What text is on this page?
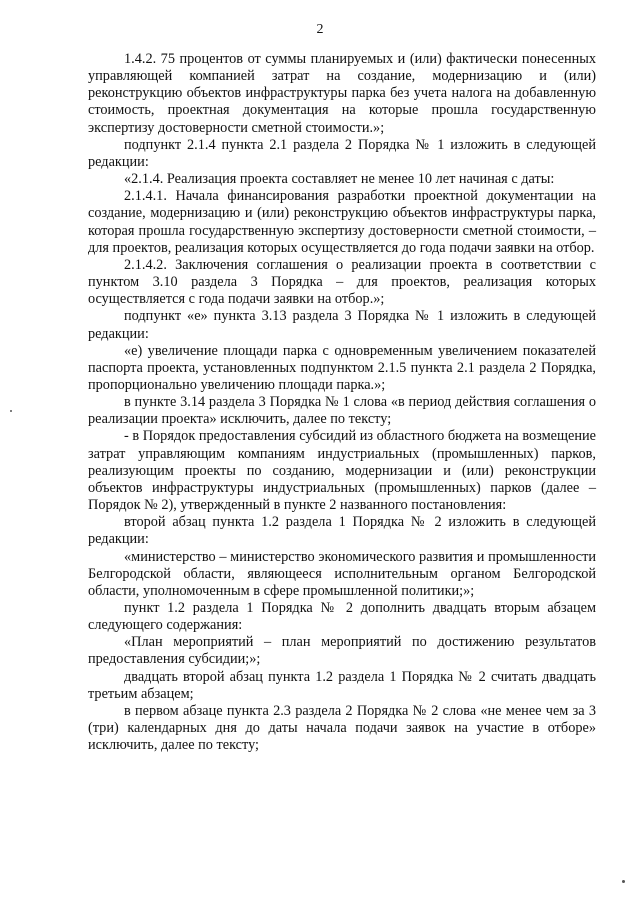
2

1.4.2. 75 процентов от суммы планируемых и (или) фактически понесенных управляющей компанией затрат на создание, модернизацию и (или) реконструкцию объектов инфраструктуры парка без учета налога на добавленную стоимость, проектная документация на которые прошла государственную экспертизу достоверности сметной стоимости.»;

подпункт 2.1.4 пункта 2.1 раздела 2 Порядка № 1 изложить в следующей редакции:

«2.1.4. Реализация проекта составляет не менее 10 лет начиная с даты:

2.1.4.1. Начала финансирования разработки проектной документации на создание, модернизацию и (или) реконструкцию объектов инфраструктуры парка, которая прошла государственную экспертизу достоверности сметной стоимости, – для проектов, реализация которых осуществляется до года подачи заявки на отбор.

2.1.4.2. Заключения соглашения о реализации проекта в соответствии с пунктом 3.10 раздела 3 Порядка – для проектов, реализация которых осуществляется с года подачи заявки на отбор.»;

подпункт «е» пункта 3.13 раздела 3 Порядка № 1 изложить в следующей редакции:

«е) увеличение площади парка с одновременным увеличением показателей паспорта проекта, установленных подпунктом 2.1.5 пункта 2.1 раздела 2 Порядка, пропорционально увеличению площади парка.»;

в пункте 3.14 раздела 3 Порядка № 1 слова «в период действия соглашения о реализации проекта» исключить, далее по тексту;

- в Порядок предоставления субсидий из областного бюджета на возмещение затрат управляющим компаниям индустриальных (промышленных) парков, реализующим проекты по созданию, модернизации и (или) реконструкции объектов инфраструктуры индустриальных (промышленных) парков (далее – Порядок № 2), утвержденный в пункте 2 названного постановления:

второй абзац пункта 1.2 раздела 1 Порядка № 2 изложить в следующей редакции:

«министерство – министерство экономического развития и промышленности Белгородской области, являющееся исполнительным органом Белгородской области, уполномоченным в сфере промышленной политики;»;

пункт 1.2 раздела 1 Порядка № 2 дополнить двадцать вторым абзацем следующего содержания:

«План мероприятий – план мероприятий по достижению результатов предоставления субсидии;»;

двадцать второй абзац пункта 1.2 раздела 1 Порядка № 2 считать двадцать третьим абзацем;

в первом абзаце пункта 2.3 раздела 2 Порядка № 2 слова «не менее чем за 3 (три) календарных дня до даты начала подачи заявок на участие в отборе» исключить, далее по тексту;
